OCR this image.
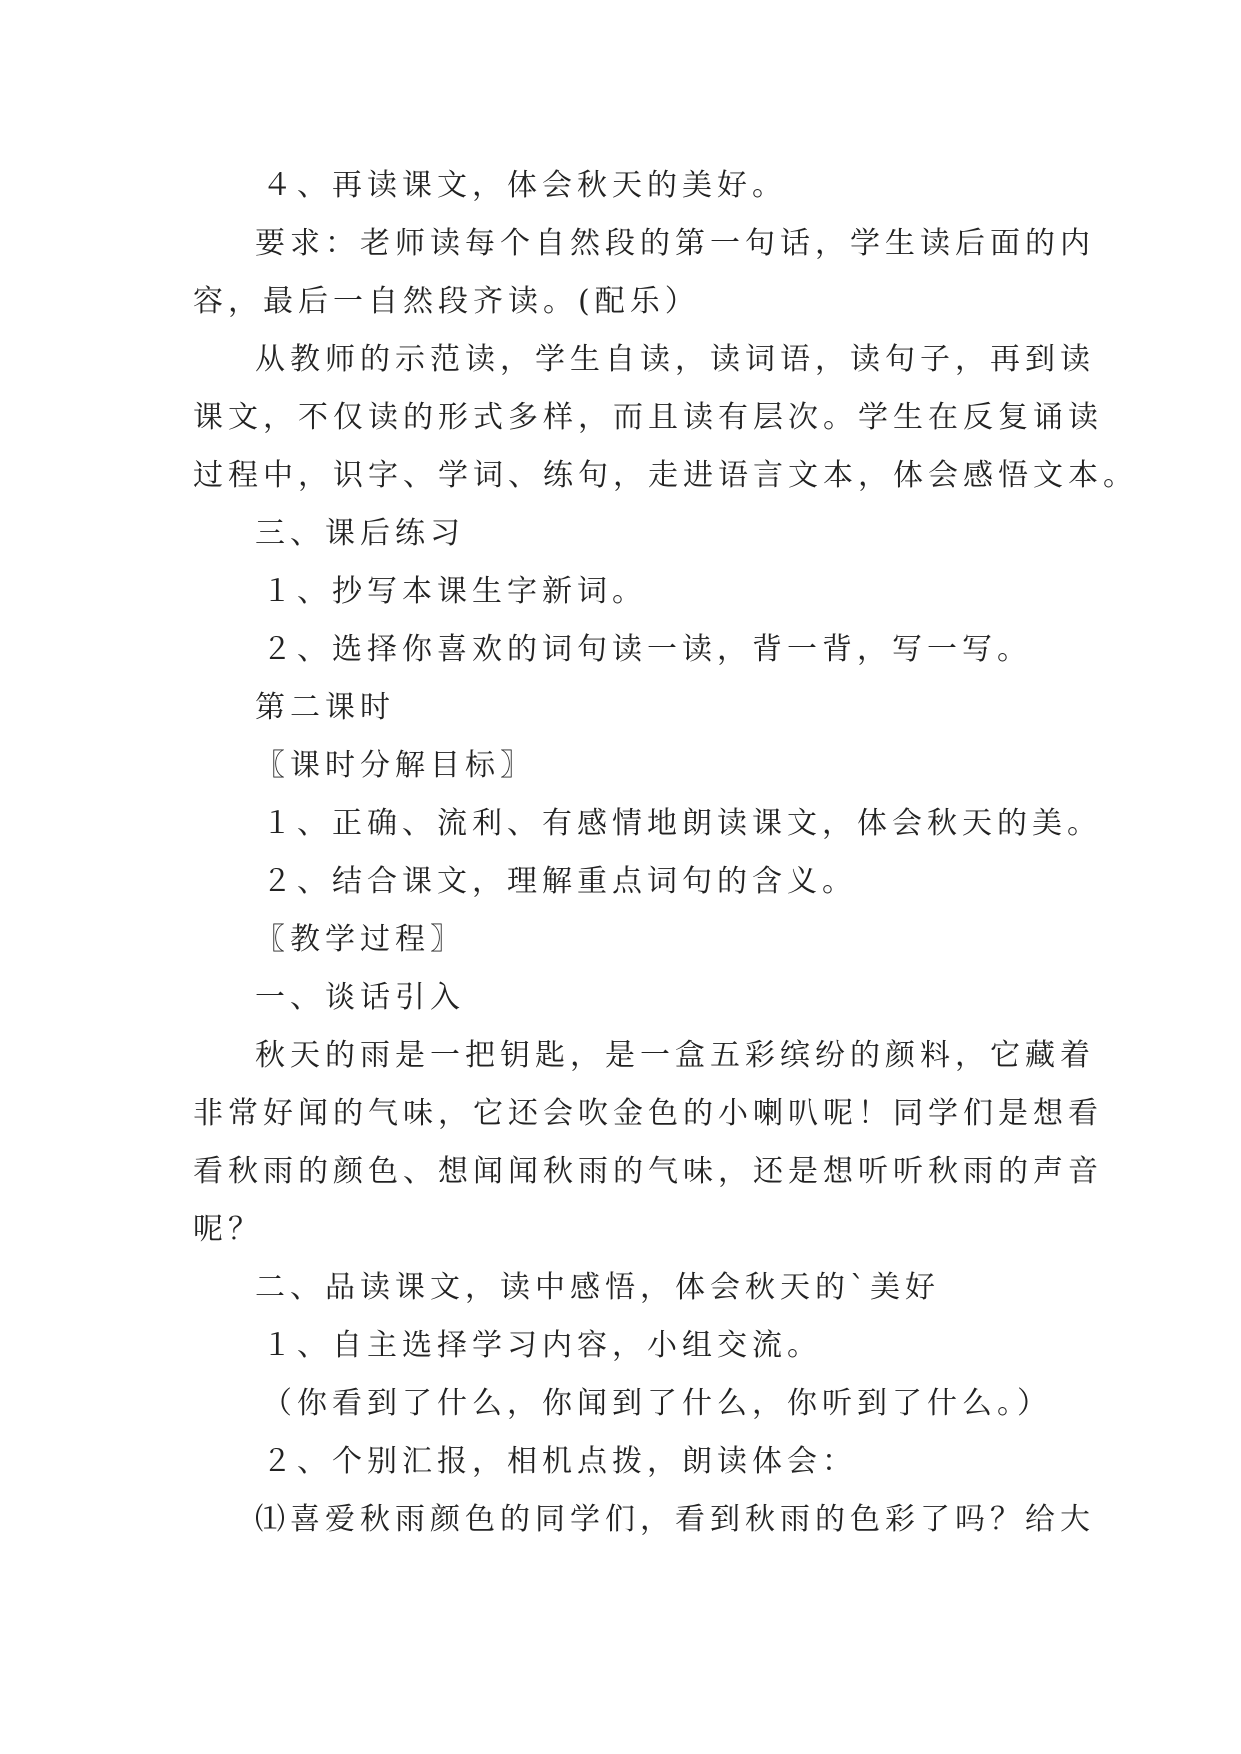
４、再读课文，体会秋天的美好。
要求：老师读每个自然段的第一句话，学生读后面的内
容，最后一自然段齐读。(配乐）
从教师的示范读，学生自读，读词语，读句子，再到读
课文，不仅读的形式多样，而且读有层次。学生在反复诵读
过程中，识字、学词、练句，走进语言文本，体会感悟文本。
三、课后练习
１、抄写本课生字新词。
２、选择你喜欢的词句读一读，背一背，写一写。
第二课时
〖课时分解目标〗
１、正确、流利、有感情地朗读课文，体会秋天的美。
２、结合课文，理解重点词句的含义。
〖教学过程〗
一、谈话引入
秋天的雨是一把钥匙，是一盒五彩缤纷的颜料，它藏着
非常好闻的气味，它还会吹金色的小喇叭呢！同学们是想看
看秋雨的颜色、想闻闻秋雨的气味，还是想听听秋雨的声音
呢？
二、品读课文，读中感悟，体会秋天的`美好
１、自主选择学习内容，小组交流。
（你看到了什么，你闻到了什么，你听到了什么。）
２、个别汇报，相机点拨，朗读体会：
⑴喜爱秋雨颜色的同学们，看到秋雨的色彩了吗？给大
